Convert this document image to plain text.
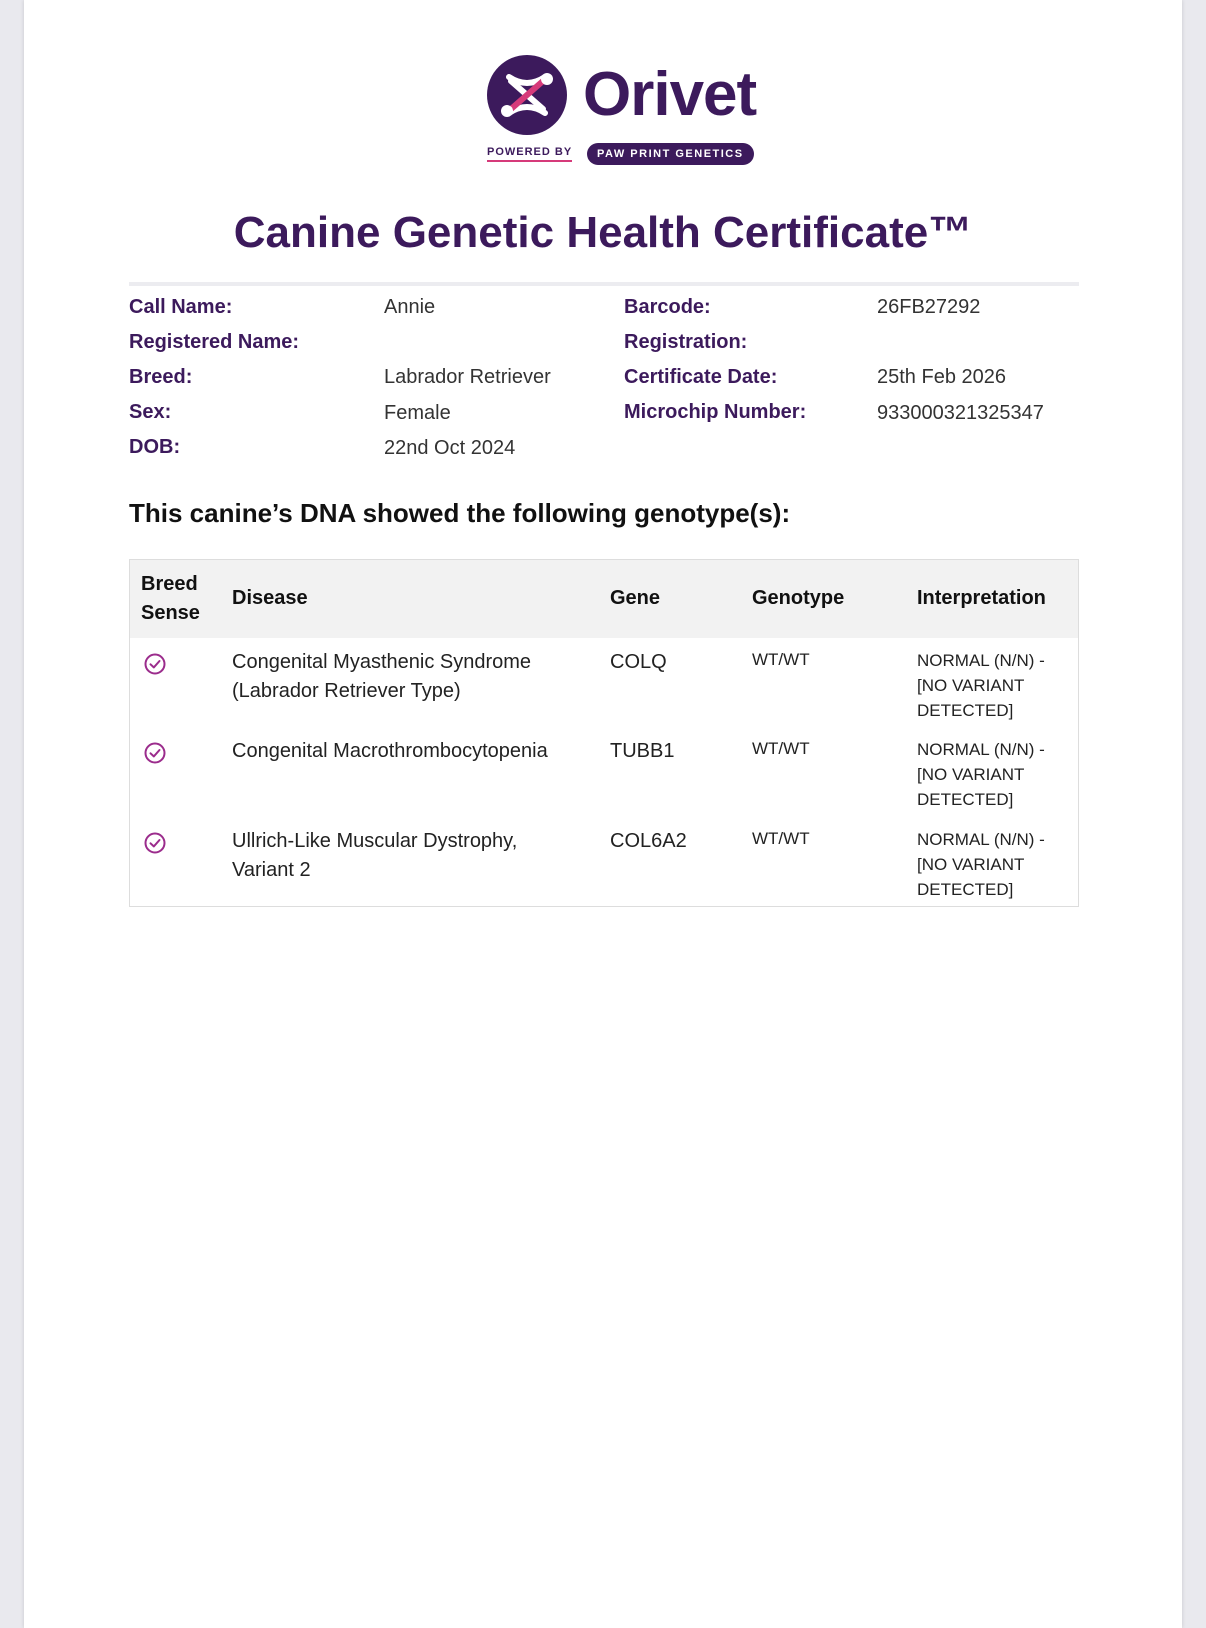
Orivet
POWERED BY	PAW PRINT GENETICS
Canine Genetic Health Certificate™
Call Name:	Annie
Registered Name:
Breed:	Labrador Retriever
Sex:	Female
DOB:	22nd Oct 2024
Barcode:	26FB27292
Registration:
Certificate Date:	25th Feb 2026
Microchip Number:	933000321325347
This canine’s DNA showed the following genotype(s):
Breed
Sense
Disease	Gene	Genotype	Interpretation
Congenital Myasthenic Syndrome
(Labrador Retriever Type)
COLQ	WT/WT	NORMAL (N/N) -
[NO VARIANT
DETECTED]
Congenital Macrothrombocytopenia	TUBB1	WT/WT	NORMAL (N/N) -
[NO VARIANT
DETECTED]
Ullrich-Like Muscular Dystrophy,
Variant 2
COL6A2	WT/WT	NORMAL (N/N) -
[NO VARIANT
DETECTED]
